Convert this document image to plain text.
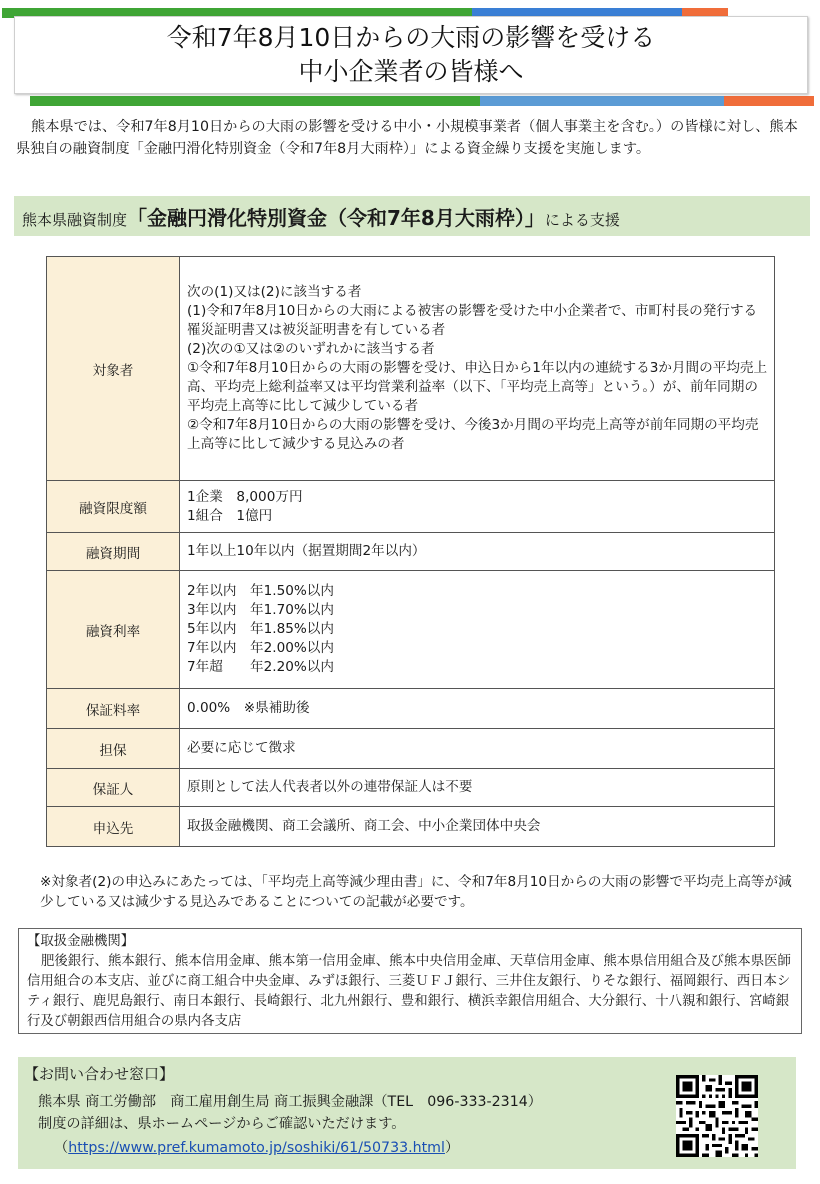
令和7年8月10日からの大雨の影響を受ける
中小企業者の皆様へ
熊本県では、令和7年8月10日からの大雨の影響を受ける中小・小規模事業者（個人事業主を含む。）の皆様に対し、熊本県独自の融資制度「金融円滑化特別資金（令和7年8月大雨枠）」による資金繰り支援を実施します。
熊本県融資制度「金融円滑化特別資金（令和7年8月大雨枠）」による支援
対象者	次の(1)又は(2)に該当する者
(1)令和7年8月10日からの大雨による被害の影響を受けた中小企業者で、市町村長の発行する罹災証明書又は被災証明書を有している者
(2)次の①又は②のいずれかに該当する者
①令和7年8月10日からの大雨の影響を受け、申込日から1年以内の連続する3か月間の平均売上高、平均売上総利益率又は平均営業利益率（以下、「平均売上高等」という。）が、前年同期の平均売上高等に比して減少している者
②令和7年8月10日からの大雨の影響を受け、今後3か月間の平均売上高等が前年同期の平均売上高等に比して減少する見込みの者

融資限度額	1企業　8,000万円
1組合　1億円

融資期間	1年以上10年以内（据置期間2年以内）
融資利率	2年以内　年1.50%以内
3年以内　年1.70%以内
5年以内　年1.85%以内
7年以内　年2.00%以内
7年超　　年2.20%以内

保証料率	0.00%　※県補助後
担保	必要に応じて徴求
保証人	原則として法人代表者以外の連帯保証人は不要
申込先	取扱金融機関、商工会議所、商工会、中小企業団体中央会
※対象者(2)の申込みにあたっては、「平均売上高等減少理由書」に、令和7年8月10日からの大雨の影響で平均売上高等が減少している又は減少する見込みであることについての記載が必要です。
【取扱金融機関】
肥後銀行、熊本銀行、熊本信用金庫、熊本第一信用金庫、熊本中央信用金庫、天草信用金庫、熊本県信用組合及び熊本県医師信用組合の本支店、並びに商工組合中央金庫、みずほ銀行、三菱ＵＦＪ銀行、三井住友銀行、りそな銀行、福岡銀行、西日本シティ銀行、鹿児島銀行、南日本銀行、長崎銀行、北九州銀行、豊和銀行、横浜幸銀信用組合、大分銀行、十八親和銀行、宮崎銀行及び朝銀西信用組合の県内各支店
【お問い合わせ窓口】
熊本県 商工労働部　商工雇用創生局 商工振興金融課（TEL　096-333-2314）
制度の詳細は、県ホームページからご確認いただけます。
（https://www.pref.kumamoto.jp/soshiki/61/50733.html）
